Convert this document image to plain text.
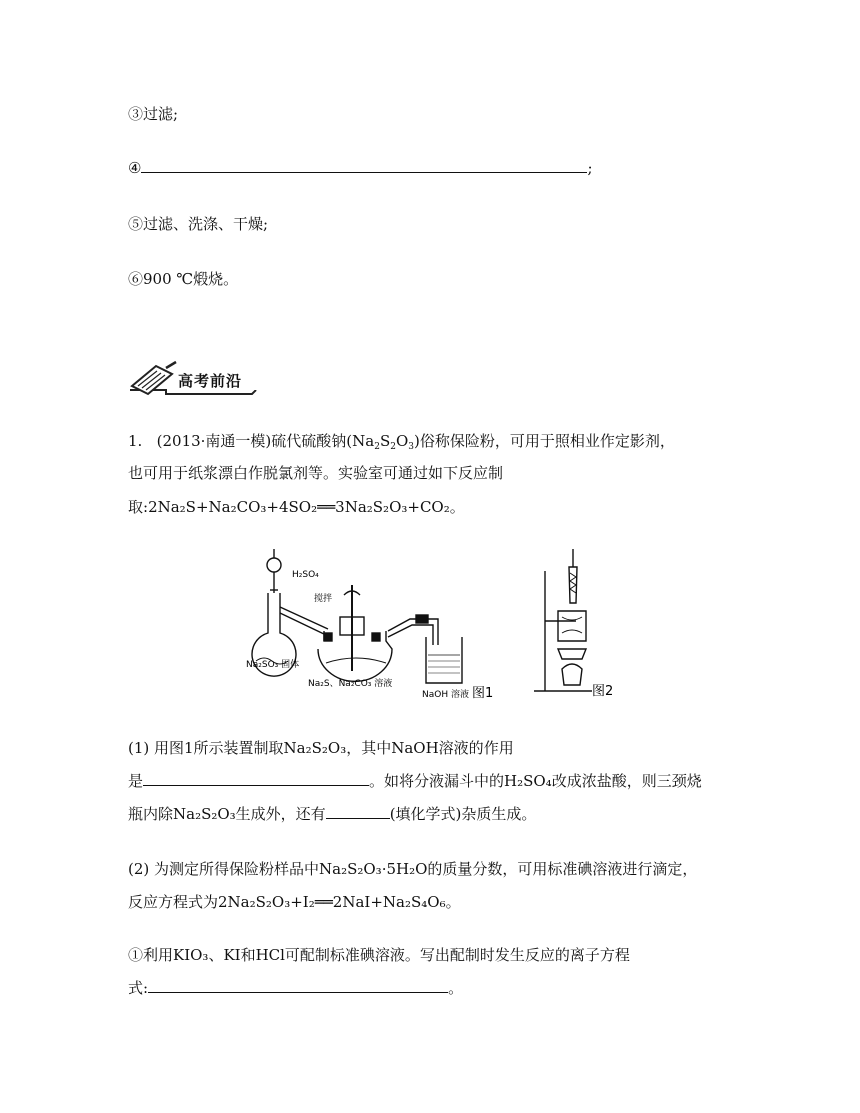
③过滤;
④	;
⑤过滤、洗涤、干燥;
⑥900 ℃煅烧。
高考前沿
1. (2013·南通一模)硫代硫酸钠$(Na_2S_2O_3)$俗称保险粉，可用于照相业作定影剂，
也可用于纸浆漂白作脱氯剂等。实验室可通过如下反应制
取:2Na₂S+Na₂CO₃+4SO₂══3Na₂S₂O₃+CO₂。
H₂SO₄
搅拌
Na₂SO₃ 固体
Na₂S、Na₂CO₃ 溶液
NaOH 溶液 图1	图2
(1) 用图1所示装置制取Na₂S₂O₃，其中NaOH溶液的作用
是	。如将分液漏斗中的H₂SO₄改成浓盐酸，则三颈烧
瓶内除Na₂S₂O₃生成外，还有	(填化学式)杂质生成。
(2) 为测定所得保险粉样品中Na₂S₂O₃·5H₂O的质量分数，可用标准碘溶液进行滴定，
反应方程式为2Na₂S₂O₃+I₂══2NaI+Na₂S₄O₆。
①利用KIO₃、KI和HCl可配制标准碘溶液。写出配制时发生反应的离子方程
式:	。
